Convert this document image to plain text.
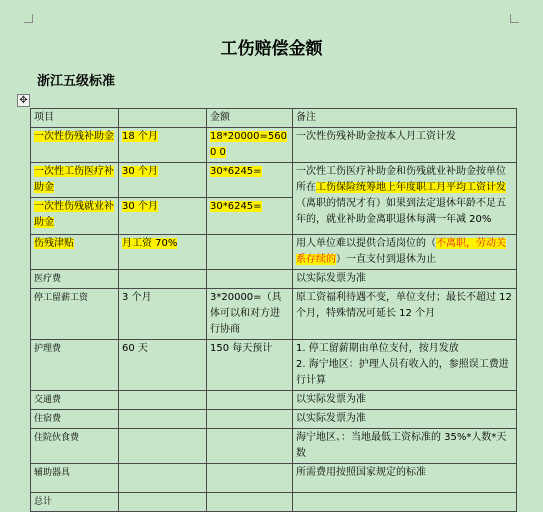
工伤赔偿金额
浙江五级标准
✥
项目		金额	备注
一次性伤残补助金	18 个月	18*20000=5600 0	一次性伤残补助金按本人月工资计发
一次性工伤医疗补助金	30 个月	30*6245=	一次性工伤医疗补助金和伤残就业补助金按单位所在工伤保险统筹地上年度职工月平均工资计发（离职的情况才有）如果到法定退休年龄不足五年的，就业补助金离职退休每满一年减 20%
一次性伤残就业补助金	30 个月	30*6245=	
伤残津贴	月工资 70%		用人单位难以提供合适岗位的（不离职，劳动关系存续的）一直支付到退休为止
医疗费			以实际发票为准
停工留薪工资	3 个月	3*20000=（具体可以和对方进行协商	原工资福利待遇不变，单位支付；最长不超过 12 个月，特殊情况可延长 12 个月
护理费	60 天	150 每天预计	1. 停工留薪期由单位支付，按月发放
2. 海宁地区：护理人员有收入的，参照误工费进行计算

交通费			以实际发票为准
住宿费			以实际发票为准
住院伙食费			海宁地区、：当地最低工资标准的 35%*人数*天数
辅助器具			所需费用按照国家规定的标准
总计			
